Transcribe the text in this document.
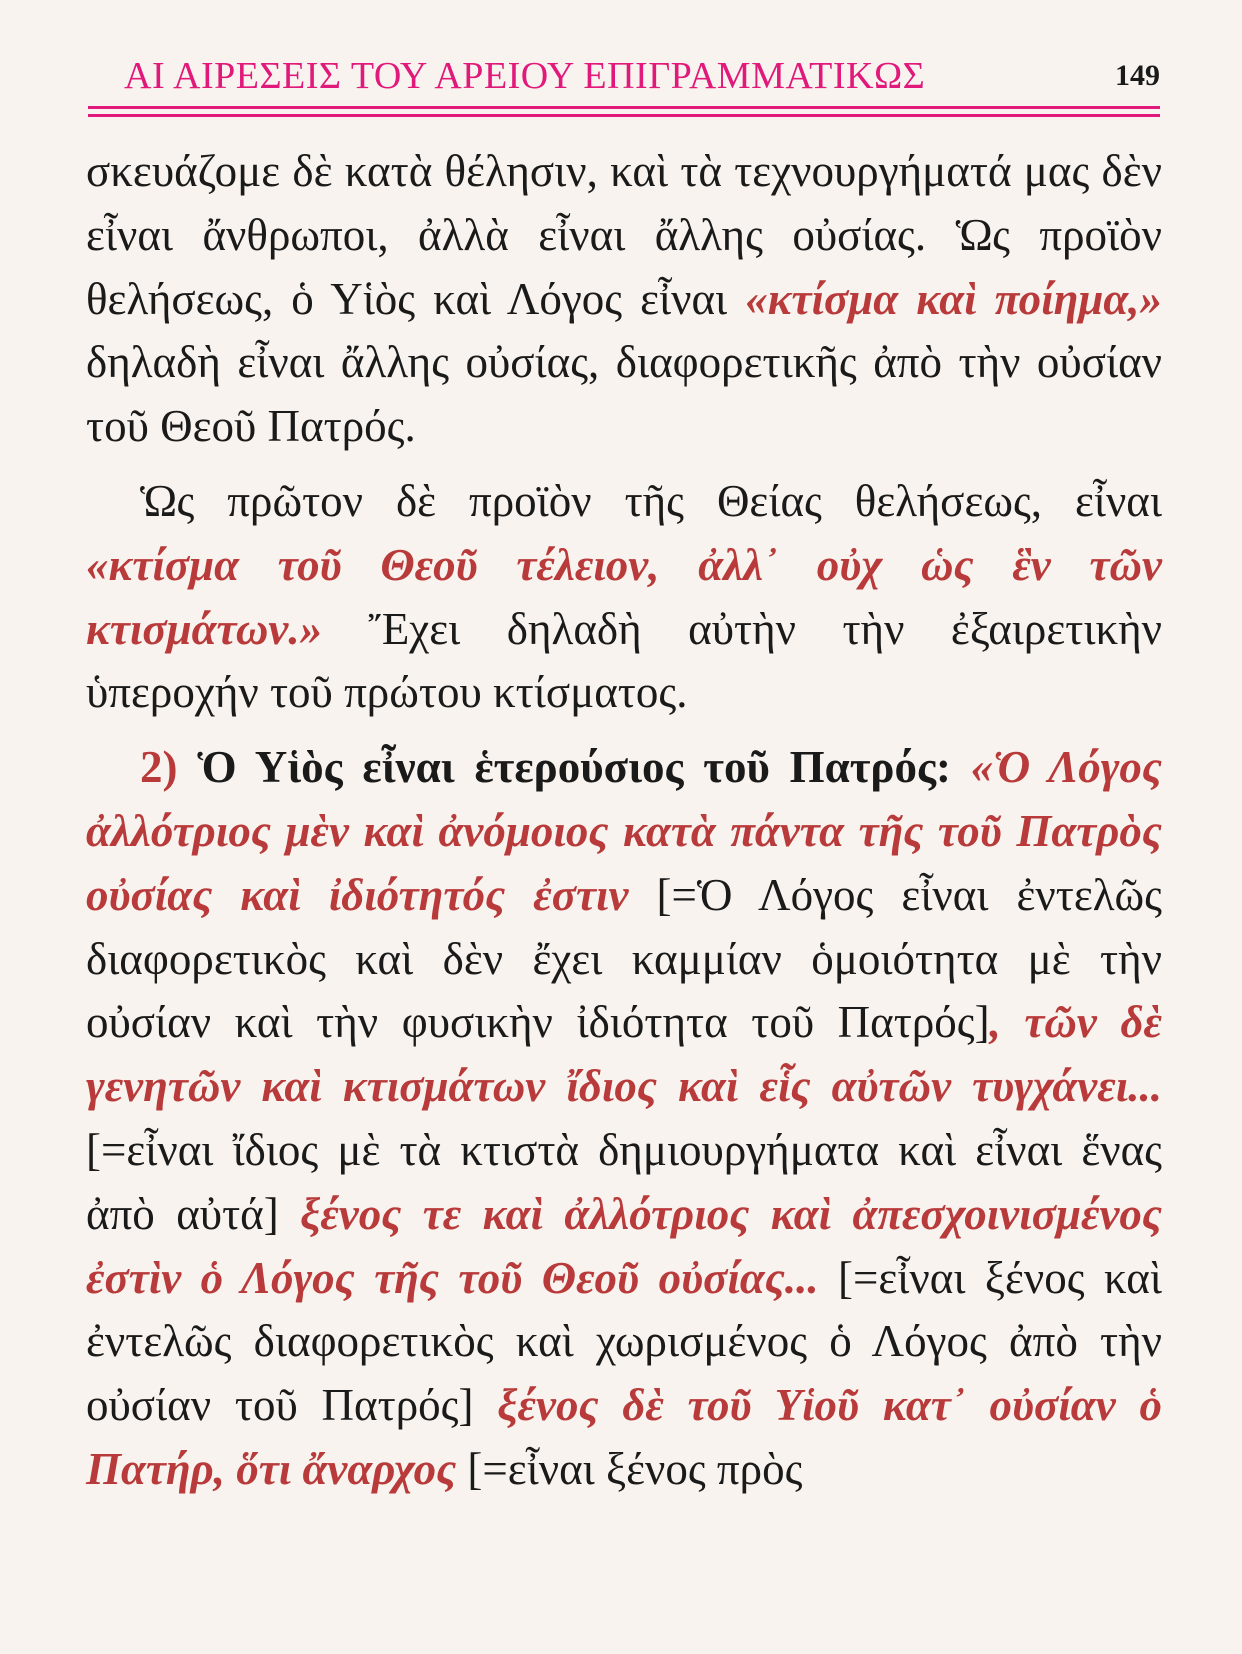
ΑΙ ΑΙΡΕΣΕΙΣ ΤΟΥ ΑΡΕΙΟΥ ΕΠΙΓΡΑΜΜΑΤΙΚΩΣ	149

σκευάζομε δὲ κατὰ θέλησιν, καὶ τὰ τεχνουργήματά μας δὲν εἶναι ἄνθρωποι, ἀλλὰ εἶναι ἄλλης οὐσίας. Ὡς προϊὸν θελήσεως, ὁ Υἱὸς καὶ Λόγος εἶναι «κτίσμα καὶ ποίημα,» δηλαδὴ εἶναι ἄλλης οὐσίας, διαφορετικῆς ἀπὸ τὴν οὐσίαν τοῦ Θεοῦ Πατρός.

Ὡς πρῶτον δὲ προϊὸν τῆς Θείας θελήσεως, εἶναι «κτίσμα τοῦ Θεοῦ τέλειον, ἀλλ᾽ οὐχ ὡς ἓν τῶν κτισμάτων.» Ἔχει δηλαδὴ αὐτὴν τὴν ἐξαιρετικὴν ὑπεροχήν τοῦ πρώτου κτίσματος.

2) Ὁ Υἱὸς εἶναι ἑτερούσιος τοῦ Πατρός: «Ὁ Λόγος ἀλλότριος μὲν καὶ ἀνόμοιος κατὰ πάντα τῆς τοῦ Πατρὸς οὐσίας καὶ ἰδιότητός ἐστιν [=Ὁ Λόγος εἶναι ἐντελῶς διαφορετικὸς καὶ δὲν ἔχει καμμίαν ὁμοιότητα μὲ τὴν οὐσίαν καὶ τὴν φυσικὴν ἰδιότητα τοῦ Πατρός], τῶν δὲ γενητῶν καὶ κτισμάτων ἴδιος καὶ εἷς αὐτῶν τυγχάνει... [=εἶναι ἴδιος μὲ τὰ κτιστὰ δημιουργήματα καὶ εἶναι ἕνας ἀπὸ αὐτά] ξένος τε καὶ ἀλλότριος καὶ ἀπεσχοινισμένος ἐστὶν ὁ Λόγος τῆς τοῦ Θεοῦ οὐσίας... [=εἶναι ξένος καὶ ἐντελῶς διαφορετικὸς καὶ χωρισμένος ὁ Λόγος ἀπὸ τὴν οὐσίαν τοῦ Πατρός] ξένος δὲ τοῦ Υἱοῦ κατ᾽ οὐσίαν ὁ Πατήρ, ὅτι ἄναρχος [=εἶναι ξένος πρὸς
